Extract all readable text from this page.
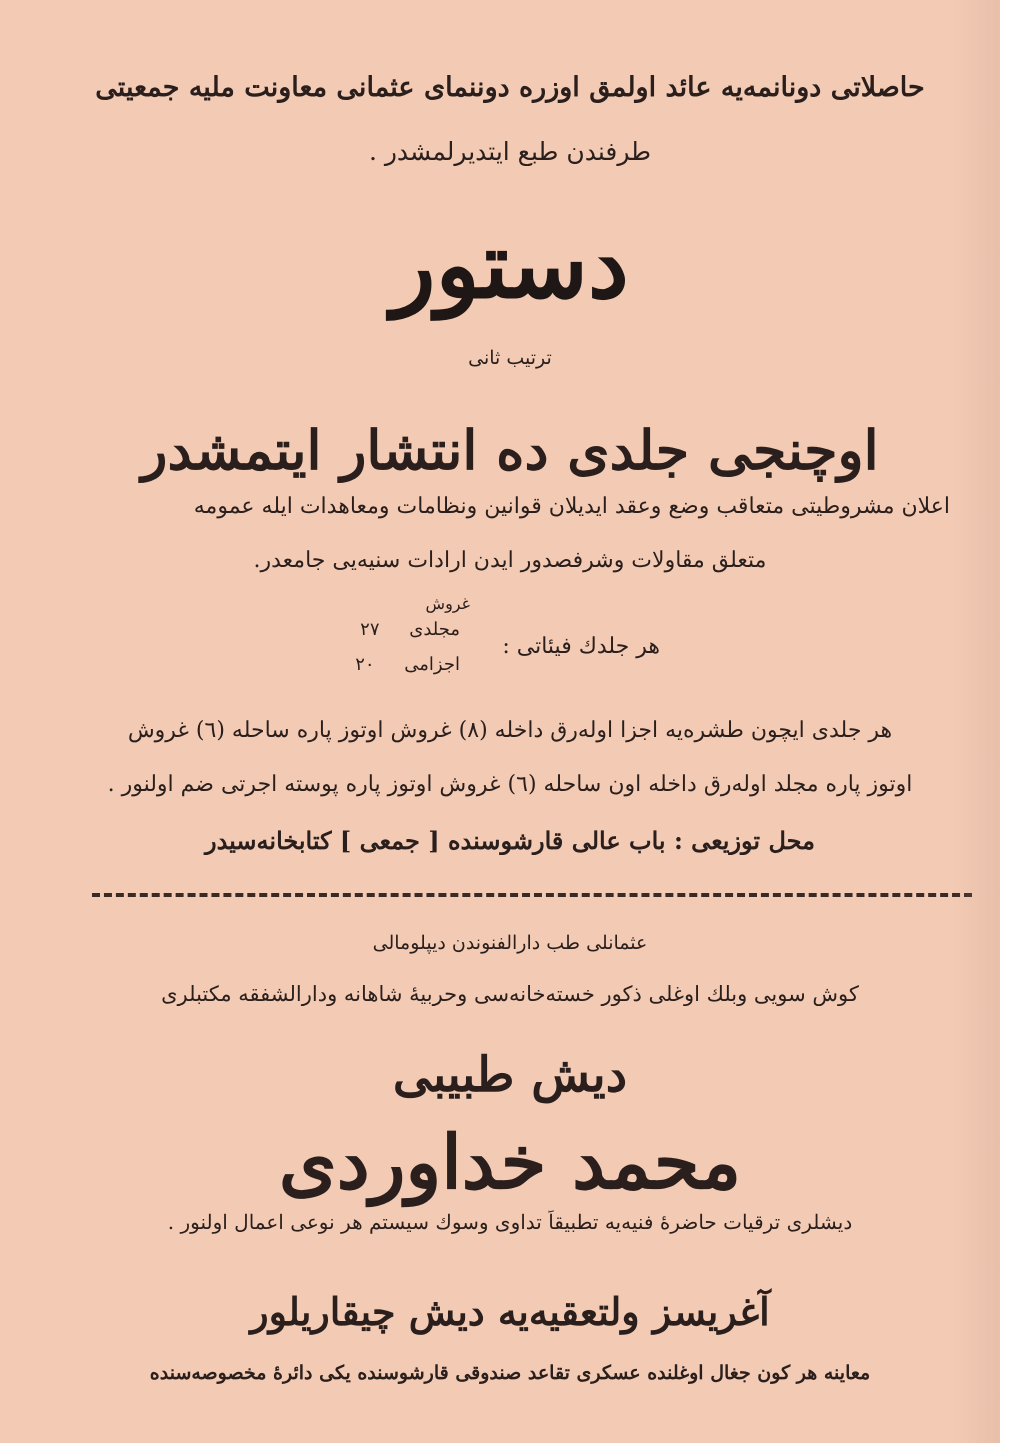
حاصلاتی دونانمه‌یه عائد اولمق اوزره دوننمای عثمانی معاونت ملیه جمعیتی
طرفندن طبع ایتدیرلمشدر .
دستور
ترتیب ثانی
اوچنجی جلدی ده انتشار ایتمشدر
اعلان مشروطیتی متعاقب وضع وعقد ایدیلان قوانین ونظامات ومعاهدات ایله عمومه
متعلق مقاولات وشرفصدور ایدن ارادات سنیه‌یی جامعدر.
غروش
هر جلدك فیئاتی :
مجلدی ٢٧
اجزامی ٢٠
هر جلدی ایچون طشره‌یه اجزا اوله‌رق داخله (٨) غروش اوتوز پاره ساحله (٦) غروش
اوتوز پاره مجلد اوله‌رق داخله اون ساحله (٦) غروش اوتوز پاره پوسته اجرتی ضم اولنور .
محل توزیعی : باب عالی قارشوسنده [ جمعی ] کتابخانه‌سیدر
عثمانلی طب دارالفنوندن دیپلومالی
کوش سویی وبلك اوغلی ذکور خسته‌خانه‌سی وحربیهٔ شاهانه ودارالشفقه مکتبلری
دیش طبیبی
محمد خداوردی
دیشلری ترقیات حاضرهٔ فنیه‌یه تطبیقاً تداوی وسوك سیستم هر نوعی اعمال اولنور .
آغریسز ولتعقیه‌یه دیش چیقاریلور
معاینه هر کون جغال اوغلنده عسکری تقاعد صندوقی قارشوسنده یکی دائرهٔ مخصوصه‌سنده
